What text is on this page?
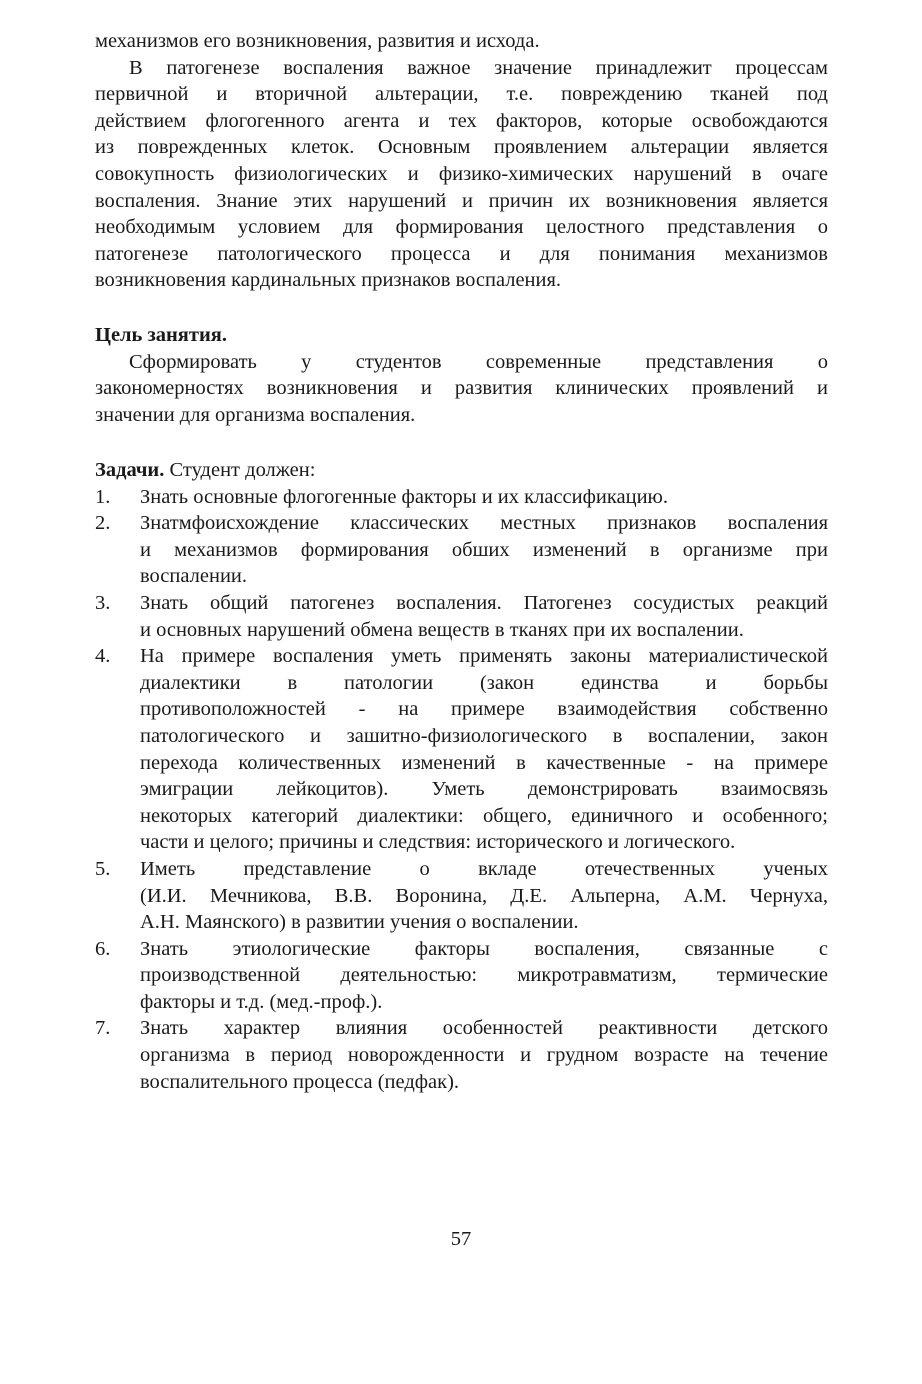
механизмов его возникновения, развития и исхода.
В патогенезе воспаления важное значение принадлежит процессам
первичной и вторичной альтерации, т.е. повреждению тканей под
действием флогогенного агента и тех факторов, которые освобождаются
из поврежденных клеток. Основным проявлением альтерации является
совокупность физиологических и физико-химических нарушений в очаге
воспаления. Знание этих нарушений и причин их возникновения является
необходимым условием для формирования целостного представления о
патогенезе патологического процесса и для понимания механизмов
возникновения кардинальных признаков воспаления.
Цель занятия.
Сформировать у студентов современные представления о
закономерностях возникновения и развития клинических проявлений и
значении для организма воспаления.
Задачи. Студент должен:
1.	Знать основные флогогенные факторы и их классификацию.
2.	Знатмфоисхождение классических местных признаков воспаления
и механизмов формирования обших изменений в организме при
воспалении.
3.	Знать общий патогенез воспаления. Патогенез сосудистых реакций
и основных нарушений обмена веществ в тканях при их воспалении.
4.	На примере воспаления уметь применять законы материалистической
диалектики в патологии (закон единства и борьбы
противоположностей - на примере взаимодействия собственно
патологического и зашитно-физиологического в воспалении, закон
перехода количественных изменений в качественные - на примере
эмиграции лейкоцитов). Уметь демонстрировать взаимосвязь
некоторых категорий диалектики: общего, единичного и особенного;
части и целого; причины и следствия: исторического и логического.
5.	Иметь представление о вкладе отечественных ученых
(И.И. Мечникова, В.В. Воронина, Д.Е. Альперна, А.М. Чернуха,
А.Н. Маянского) в развитии учения о воспалении.
6.	Знать этиологические факторы воспаления, связанные с
производственной деятельностью: микротравматизм, термические
факторы и т.д. (мед.-проф.).
7.	Знать характер влияния особенностей реактивности детского
организма в период новорожденности и грудном возрасте на течение
воспалительного процесса (педфак).
57
